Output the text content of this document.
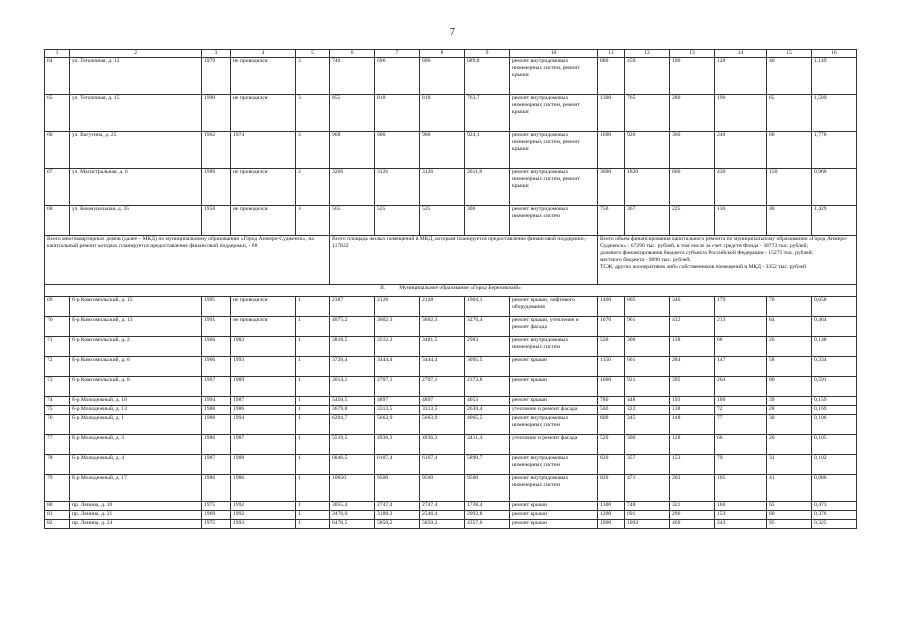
7
1	2	3	4	5	6	7	8	9	10	11	12	13	14	15	16
64	ул. Тепличная, д. 12	1979	не проводился	3	740	696	696	689,8	ремонт внутридомовых инженерных систем, ремонт крыши	800	450	190	120	40	1,149
65	ул. Тепличная, д. 15	1990	не проводился	3	855	818	818	763,7	ремонт внутридомовых инженерных систем, ремонт крыши	1300	765	280	190	65	1,589
66	ул. Вагутина, д. 25	1962	1974	3	968	900	900	924,1	ремонт внутридомовых инженерных систем, ремонт крыши	1600	920	360	240	80	1,778
67	ул. Магистральная, д. 6	1989	не проводился	2	3266	3126	3126	2611,8	ремонт внутридомовых инженерных систем, ремонт крыши	3000	1820	600	430	150	0,960
68	ул. Коммунальная, д. 35	1958	не проводился	3	565	525	525	306	ремонт внутридомовых инженерных систем	750	367	225	110	48	1,429
Всего многоквартирных домов (далее – МКД) по муниципальному образованию «Город Анжеро-Судженск», на капитальный ремонт которых планируется предоставление финансовой поддержки, - 68					Всего площадь жилых помещений в МКД, которым планируется предоставление финансовой поддержки,- 117822					Всего объем финансирования капитального ремонта по муниципальному образованию «Город Анжеро-Судженск» - 67290 тыс. рублей, в том числе за счет средств Фонда - 38773 тыс. рублей;
долевого финансирования бюджета субъекта Российской Федерации - 15275 тыс. рублей;
местного бюджета - 9890 тыс. рублей;
ТСЖ, других кооперативов либо собственников помещений в МКД - 3352 тыс. рублей					
II.          Муниципальное образование «Город Березовский»															
69	б-р Комсомольский, д. 15	1995	не проводился	1	2387	2128	2128	1904,1	ремонт крыши, лифтового оборудования	1400	805	346	179	70	0,658
70	б-р Комсомольский, д. 13	1991	не проводился	1	4075,2	3602,3	3602,3	3276,4	ремонт крыши, утепление и ремонт фасада	1670	961	412	213	84	0,464
71	б-р Комсомольский, д. 2	1966	1983	1	3818,5	3512,3	3481,5	2983	ремонт внутридомовых инженерных систем	520	300	128	66	26	0,148
72	б-р Комсомольский, д. 6	1966	1993	1	3720,4	3444,4	3444,4	3095,5	ремонт крыши	1150	661	284	147	58	0,334
73	б-р Комсомольский, д. 8	1967	1989	1	3014,1	2707,1	2707,1	2373,8	ремонт крыши	1600	921	395	204	80	0,591
74	б-р Молодежный, д. 10	1994	1987	1	5450,5	4897	4897	4053	ремонт крыши	780	448	193	100	39	0,159
75	б-р Молодежный, д. 13	1988	1986	1	3679,8	3313,5	3313,5	2630,4	утепление и ремонт фасада	560	322	138	72	28	0,169
76	б-р Молодежный, д. 1	1988	1994	1	6204,7	5663,9	5663,9	4005,5	ремонт внутридомовых инженерных систем	600	345	148	77	30	0,106
77	б-р Молодежный, д. 3	1986	1987	1	5519,5	4936,3	4936,3	3411,4	утепление и ремонт фасада	520	300	128	66	26	0,105
78	б-р Молодежный, д. 4	1987	1988	1	6846,5	6107,4	6107,4	5890,7	ремонт внутридомовых инженерных систем	620	357	153	79	31	0,102
79	б-р Молодежный, д. 17	1986	1986	1	10650	9500	9500	9500	ремонт внутридомовых инженерных систем	820	471	203	105	41	0,086
80	пр. Ленина, д. 10	1975	1992	1	3055,4	2747,4	2747,4	1738,4	ремонт крыши	1300	748	321	166	65	0,473
81	пр. Ленина, д. 21	1969	1992	1	3476,9	3188,3	2546,4	2092,8	ремонт крыши	1200	691	296	153	60	0,376
82	пр. Ленина, д. 24	1975	1993	1	6470,5	5850,2	5850,2	4357,6	ремонт крыши	1900	1093	469	243	95	0,325
